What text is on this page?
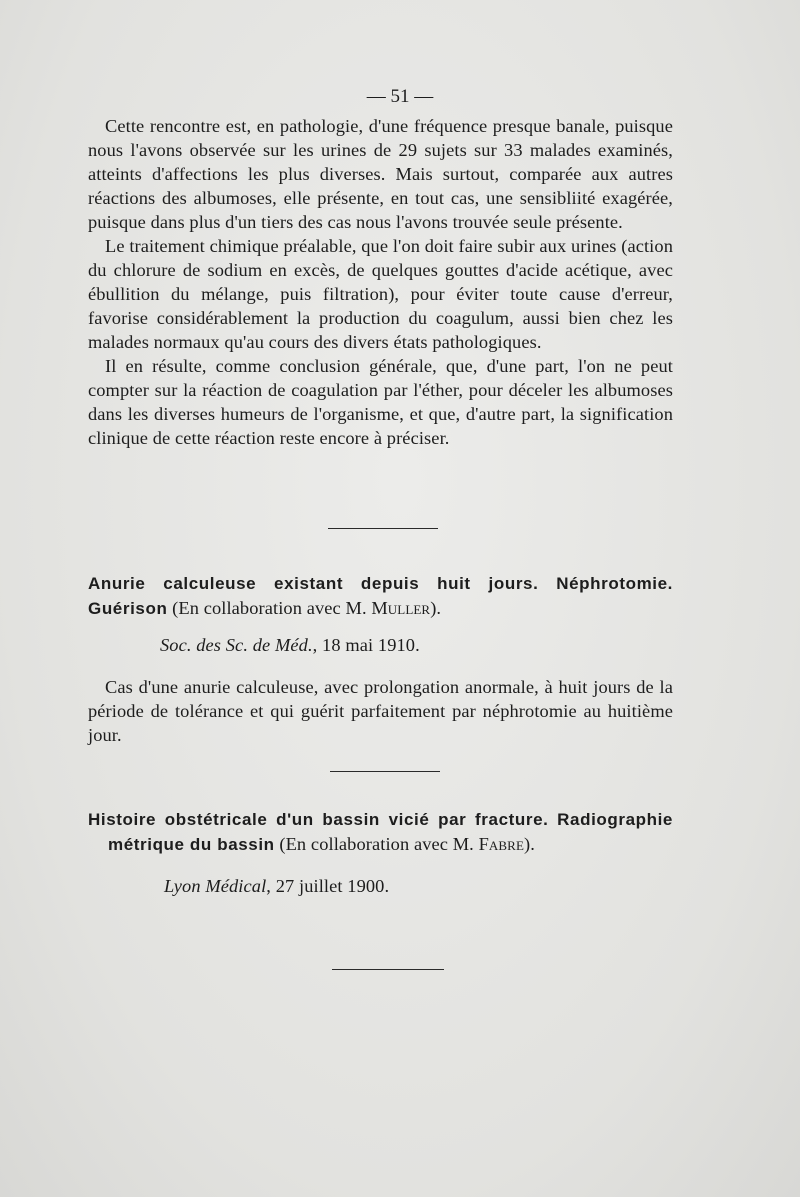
— 51 —

Cette rencontre est, en pathologie, d'une fréquence presque banale, puisque nous l'avons observée sur les urines de 29 sujets sur 33 malades examinés, atteints d'affections les plus diverses. Mais surtout, comparée aux autres réactions des albumoses, elle présente, en tout cas, une sensibliité exagérée, puisque dans plus d'un tiers des cas nous l'avons trouvée seule présente.

Le traitement chimique préalable, que l'on doit faire subir aux urines (action du chlorure de sodium en excès, de quelques gouttes d'acide acétique, avec ébullition du mélange, puis filtration), pour éviter toute cause d'erreur, favorise considérablement la production du coagulum, aussi bien chez les malades normaux qu'au cours des divers états pathologiques.

Il en résulte, comme conclusion générale, que, d'une part, l'on ne peut compter sur la réaction de coagulation par l'éther, pour déceler les albumoses dans les diverses humeurs de l'organisme, et que, d'autre part, la signification clinique de cette réaction reste encore à préciser.

Anurie calculeuse existant depuis huit jours. Néphrotomie. Guérison (En collaboration avec M. Muller).

Soc. des Sc. de Méd., 18 mai 1910.

Cas d'une anurie calculeuse, avec prolongation anormale, à huit jours de la période de tolérance et qui guérit parfaitement par néphrotomie au huitième jour.

Histoire obstétricale d'un bassin vicié par fracture. Radiographie métrique du bassin (En collaboration avec M. Fabre).

Lyon Médical, 27 juillet 1900.
